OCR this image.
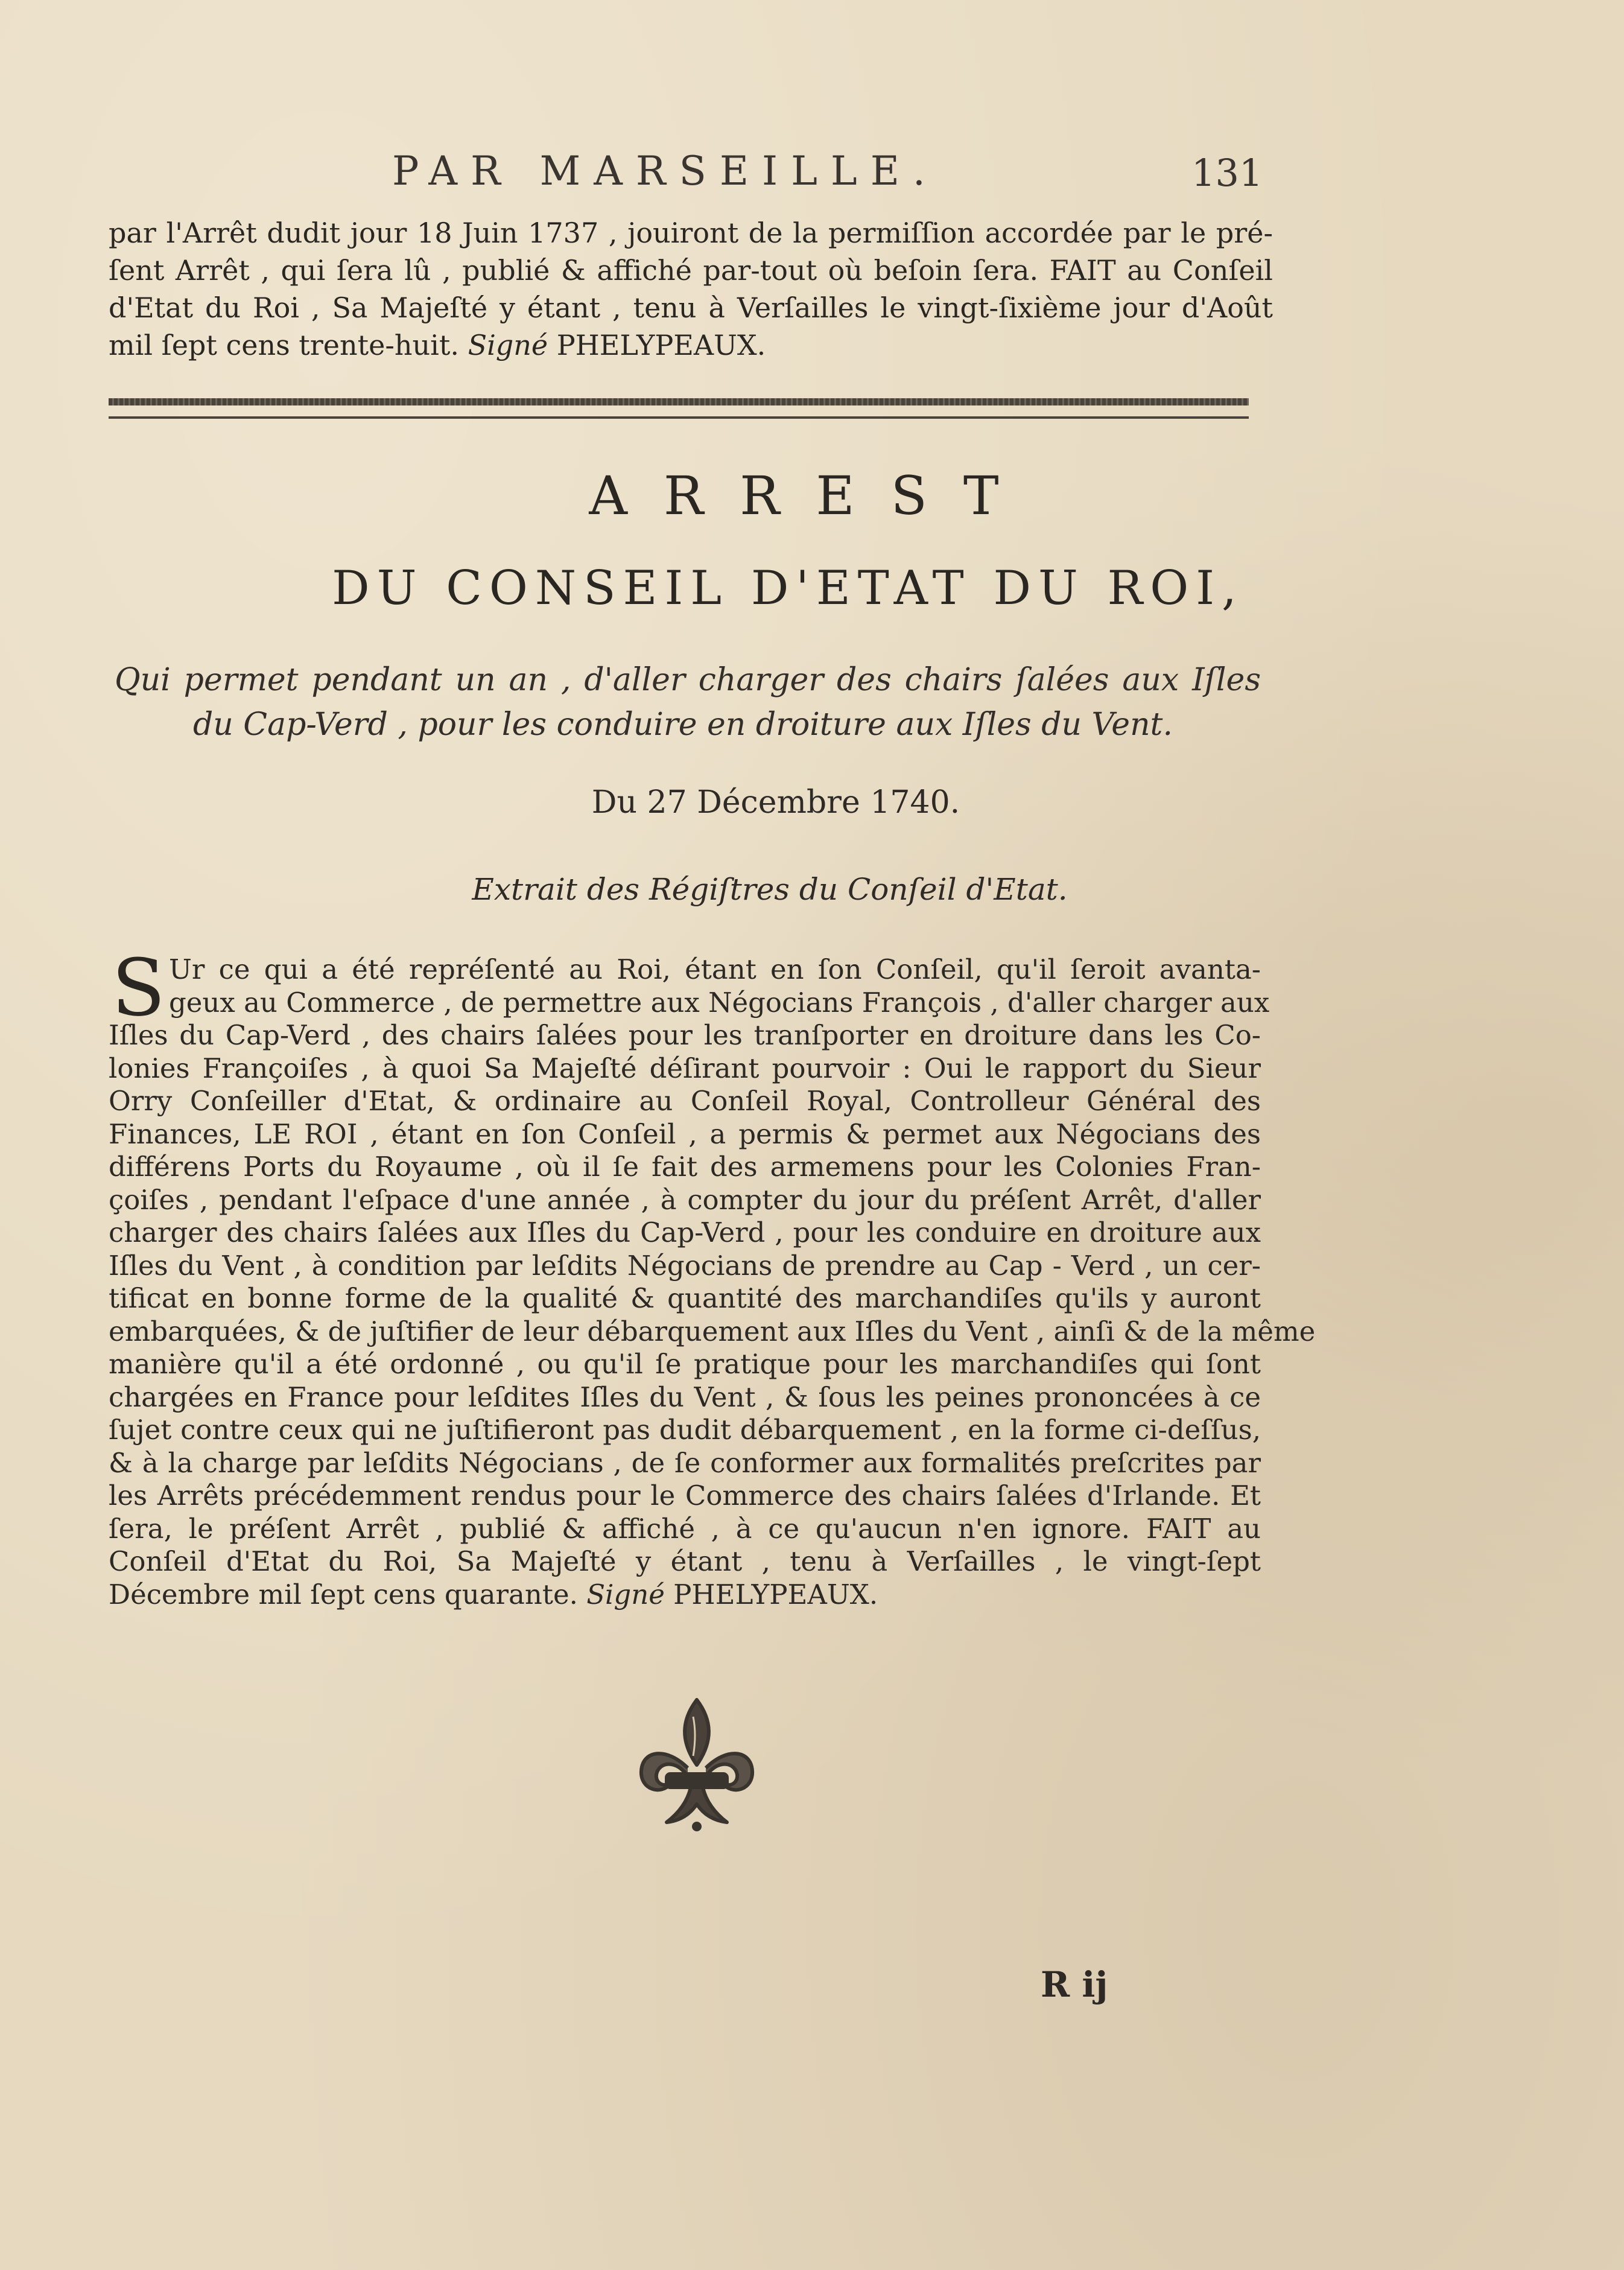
PAR MARSEILLE.	131
par l'Arrêt dudit jour 18 Juin 1737 , jouiront de la permiſſion accordée par le pré-
ſent Arrêt , qui ſera lû , publié & affiché par-tout où beſoin ſera. FAIT au Conſeil
d'Etat du Roi , Sa Majeſté y étant , tenu à Verſailles le vingt-ſixième jour d'Août
mil ſept cens trente-huit. Signé PHELYPEAUX.
ARREST
DU CONSEIL D'ETAT DU ROI,
Qui permet pendant un an , d'aller charger des chairs ſalées aux Iſles
du Cap-Verd , pour les conduire en droiture aux Iſles du Vent.
Du 27 Décembre 1740.
Extrait des Régiſtres du Conſeil d'Etat.
S Ur ce qui a été repréſenté au Roi, étant en ſon Conſeil, qu'il ſeroit avanta-
geux au Commerce , de permettre aux Négocians François , d'aller charger aux
Iſles du Cap-Verd , des chairs ſalées pour les tranſporter en droiture dans les Co-
lonies Françoiſes , à quoi Sa Majeſté déſirant pourvoir : Oui le rapport du Sieur
Orry Conſeiller d'Etat, & ordinaire au Conſeil Royal, Controlleur Général des
Finances, LE ROI , étant en ſon Conſeil , a permis & permet aux Négocians des
différens Ports du Royaume , où il ſe fait des armemens pour les Colonies Fran-
çoiſes , pendant l'eſpace d'une année , à compter du jour du préſent Arrêt, d'aller
charger des chairs ſalées aux Iſles du Cap-Verd , pour les conduire en droiture aux
Iſles du Vent , à condition par leſdits Négocians de prendre au Cap - Verd , un cer-
tificat en bonne forme de la qualité & quantité des marchandiſes qu'ils y auront
embarquées, & de juſtifier de leur débarquement aux Iſles du Vent , ainſi & de la même
manière qu'il a été ordonné , ou qu'il ſe pratique pour les marchandiſes qui ſont
chargées en France pour leſdites Iſles du Vent , & ſous les peines prononcées à ce
ſujet contre ceux qui ne juſtifieront pas dudit débarquement , en la forme ci-deſſus,
& à la charge par leſdits Négocians , de ſe conformer aux formalités preſcrites par
les Arrêts précédemment rendus pour le Commerce des chairs ſalées d'Irlande. Et
ſera, le préſent Arrêt , publié & affiché , à ce qu'aucun n'en ignore. FAIT au
Conſeil d'Etat du Roi, Sa Majeſté y étant , tenu à Verſailles , le vingt-ſept
Décembre mil ſept cens quarante. Signé PHELYPEAUX.
R ij
